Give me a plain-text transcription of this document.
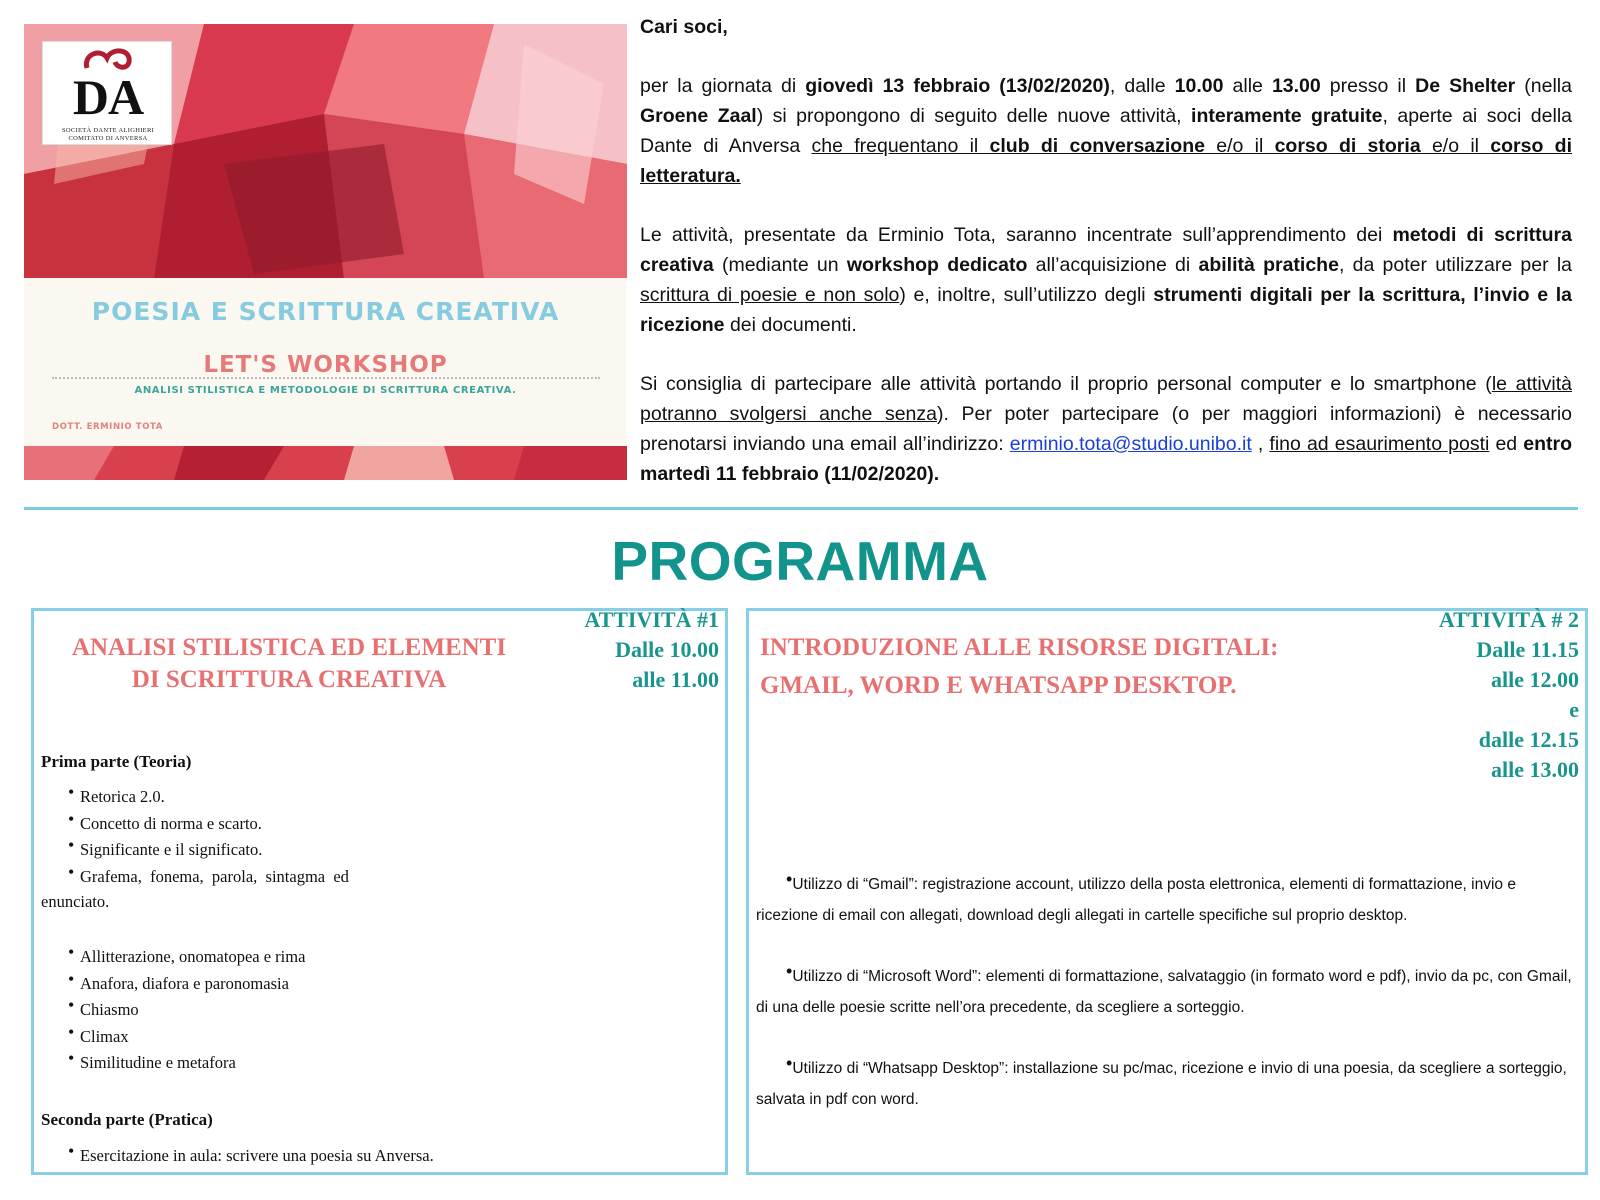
DA
SOCIETÀ DANTE ALIGHIERI
COMITATO DI ANVERSA
POESIA E SCRITTURA CREATIVA
LET'S WORKSHOP
ANALISI STILISTICA E METODOLOGIE DI SCRITTURA CREATIVA.
DOTT. ERMINIO TOTA

Cari soci,

per la giornata di giovedì 13 febbraio (13/02/2020), dalle 10.00 alle 13.00 presso il De Shelter (nella Groene Zaal) si propongono di seguito delle nuove attività, interamente gratuite, aperte ai soci della Dante di Anversa che frequentano il club di conversazione e/o il corso di storia e/o il corso di letteratura.

Le attività, presentate da Erminio Tota, saranno incentrate sull’apprendimento dei metodi di scrittura creativa (mediante un workshop dedicato all’acquisizione di abilità pratiche, da poter utilizzare per la scrittura di poesie e non solo) e, inoltre, sull’utilizzo degli strumenti digitali per la scrittura, l’invio e la ricezione dei documenti.

Si consiglia di partecipare alle attività portando il proprio personal computer e lo smartphone (le attività potranno svolgersi anche senza). Per poter partecipare (o per maggiori informazioni) è necessario prenotarsi inviando una email all’indirizzo: erminio.tota@studio.unibo.it , fino ad esaurimento posti ed entro martedì 11 febbraio (11/02/2020).

PROGRAMMA
ANALISI STILISTICA ED ELEMENTI
DI SCRITTURA CREATIVA
ATTIVITÀ #1
Dalle 10.00
alle 11.00
Prima parte (Teoria)
• Retorica 2.0.
• Concetto di norma e scarto.
• Significante e il significato.
• Grafema,  fonema,  parola,  sintagma  ed
enunciato.
• Allitterazione, onomatopea e rima
• Anafora, diafora e paronomasia
• Chiasmo
• Climax
• Similitudine e metafora
Seconda parte (Pratica)
• Esercitazione in aula: scrivere una poesia su Anversa.
INTRODUZIONE ALLE RISORSE DIGITALI:
GMAIL, WORD E WHATSAPP DESKTOP.
ATTIVITÀ # 2
Dalle 11.15
alle 12.00
e
dalle 12.15
alle 13.00
•Utilizzo di “Gmail”: registrazione account, utilizzo della posta elettronica, elementi di formattazione, invio e ricezione di email con allegati, download degli allegati in cartelle specifiche sul proprio desktop.
•Utilizzo di “Microsoft Word”: elementi di formattazione, salvataggio (in formato word e pdf), invio da pc, con Gmail, di una delle poesie scritte nell’ora precedente, da scegliere a sorteggio.
•Utilizzo di “Whatsapp Desktop”: installazione su pc/mac, ricezione e invio di una poesia, da scegliere a sorteggio, salvata in pdf con word.
